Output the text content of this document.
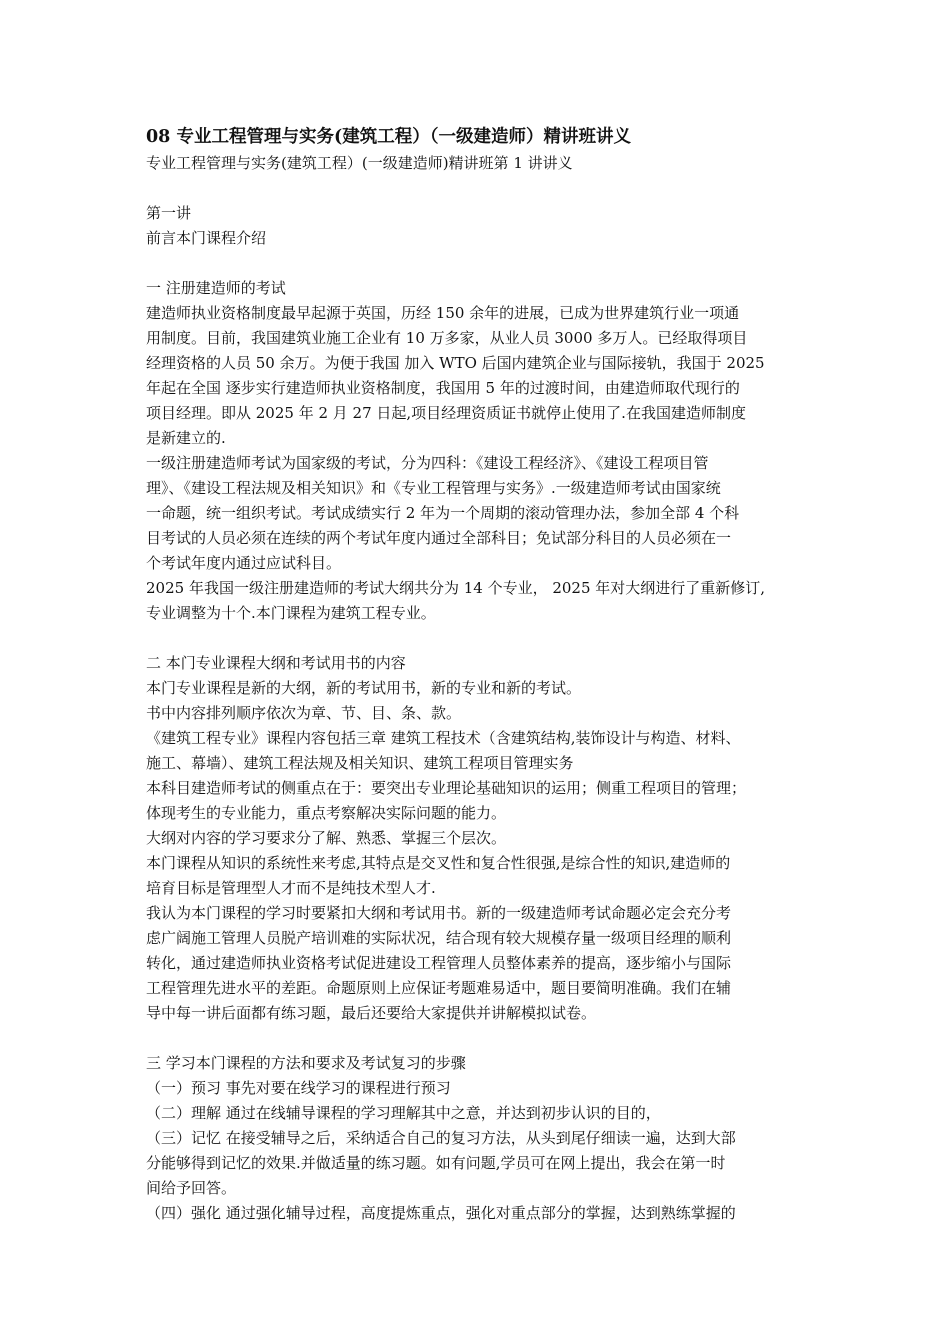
08 专业工程管理与实务(建筑工程）（一级建造师）精讲班讲义
专业工程管理与实务(建筑工程）(一级建造师)精讲班第 1 讲讲义
第一讲
前言本门课程介绍
一 注册建造师的考试
建造师执业资格制度最早起源于英国，历经 150 余年的进展，已成为世界建筑行业一项通
用制度。目前，我国建筑业施工企业有 10 万多家，从业人员 3000 多万人。已经取得项目
经理资格的人员 50 余万。为便于我国 加入 WTO 后国内建筑企业与国际接轨，我国于 2025
年起在全国 逐步实行建造师执业资格制度，我国用 5 年的过渡时间，由建造师取代现行的
项目经理。即从 2025 年 2 月 27 日起,项目经理资质证书就停止使用了.在我国建造师制度
是新建立的.
一级注册建造师考试为国家级的考试，分为四科：《建设工程经济》、《建设工程项目管
理》、《建设工程法规及相关知识》和《专业工程管理与实务》.一级建造师考试由国家统
一命题，统一组织考试。考试成绩实行 2 年为一个周期的滚动管理办法，参加全部 4 个科
目考试的人员必须在连续的两个考试年度内通过全部科目；免试部分科目的人员必须在一
个考试年度内通过应试科目。
2025 年我国一级注册建造师的考试大纲共分为 14 个专业， 2025 年对大纲进行了重新修订,
专业调整为十个.本门课程为建筑工程专业。
二 本门专业课程大纲和考试用书的内容
本门专业课程是新的大纲，新的考试用书，新的专业和新的考试。
书中内容排列顺序依次为章、节、目、条、款。
《建筑工程专业》课程内容包括三章 建筑工程技术（含建筑结构,装饰设计与构造、材料、
施工、幕墙）、建筑工程法规及相关知识、建筑工程项目管理实务
本科目建造师考试的侧重点在于：要突出专业理论基础知识的运用；侧重工程项目的管理；
体现考生的专业能力，重点考察解决实际问题的能力。
大纲对内容的学习要求分了解、熟悉、掌握三个层次。
本门课程从知识的系统性来考虑,其特点是交叉性和复合性很强,是综合性的知识,建造师的
培育目标是管理型人才而不是纯技术型人才.
我认为本门课程的学习时要紧扣大纲和考试用书。新的一级建造师考试命题必定会充分考
虑广阔施工管理人员脱产培训难的实际状况，结合现有较大规模存量一级项目经理的顺利
转化，通过建造师执业资格考试促进建设工程管理人员整体素养的提高，逐步缩小与国际
工程管理先进水平的差距。命题原则上应保证考题难易适中，题目要简明准确。我们在辅
导中每一讲后面都有练习题，最后还要给大家提供并讲解模拟试卷。
三 学习本门课程的方法和要求及考试复习的步骤
（一）预习 事先对要在线学习的课程进行预习
（二）理解 通过在线辅导课程的学习理解其中之意，并达到初步认识的目的，
（三）记忆 在接受辅导之后，采纳适合自己的复习方法，从头到尾仔细读一遍，达到大部
分能够得到记忆的效果.并做适量的练习题。如有问题,学员可在网上提出，我会在第一时
间给予回答。
（四）强化 通过强化辅导过程，高度提炼重点，强化对重点部分的掌握，达到熟练掌握的
